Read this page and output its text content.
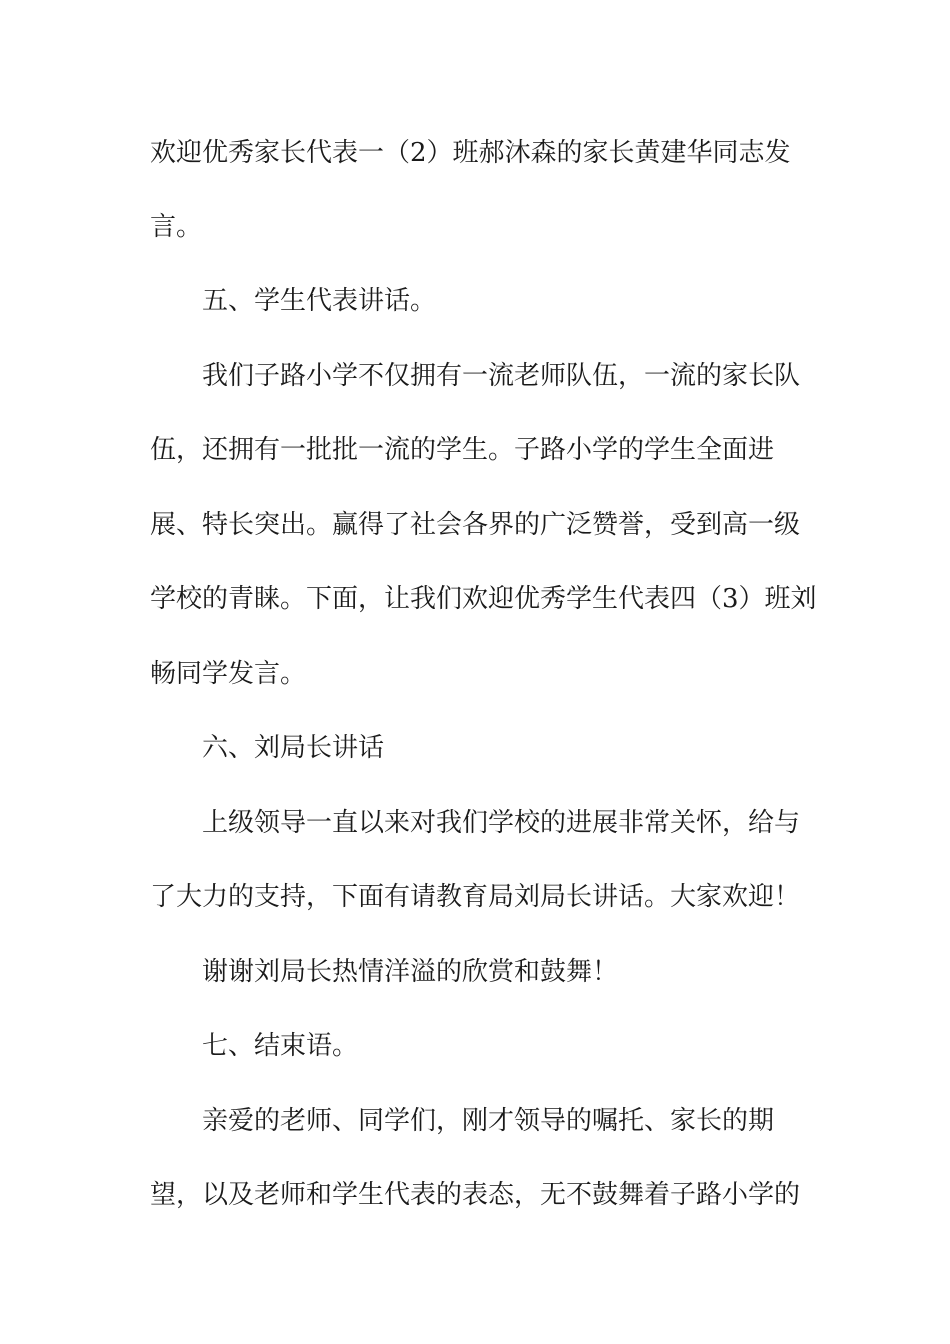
欢迎优秀家长代表一（2）班郝沐森的家长黄建华同志发
言。
五、学生代表讲话。
我们子路小学不仅拥有一流老师队伍，一流的家长队
伍，还拥有一批批一流的学生。子路小学的学生全面进
展、特长突出。赢得了社会各界的广泛赞誉，受到高一级
学校的青睐。下面，让我们欢迎优秀学生代表四（3）班刘
畅同学发言。
六、刘局长讲话
上级领导一直以来对我们学校的进展非常关怀，给与
了大力的支持，下面有请教育局刘局长讲话。大家欢迎！
谢谢刘局长热情洋溢的欣赏和鼓舞！
七、结束语。
亲爱的老师、同学们，刚才领导的嘱托、家长的期
望，以及老师和学生代表的表态，无不鼓舞着子路小学的
